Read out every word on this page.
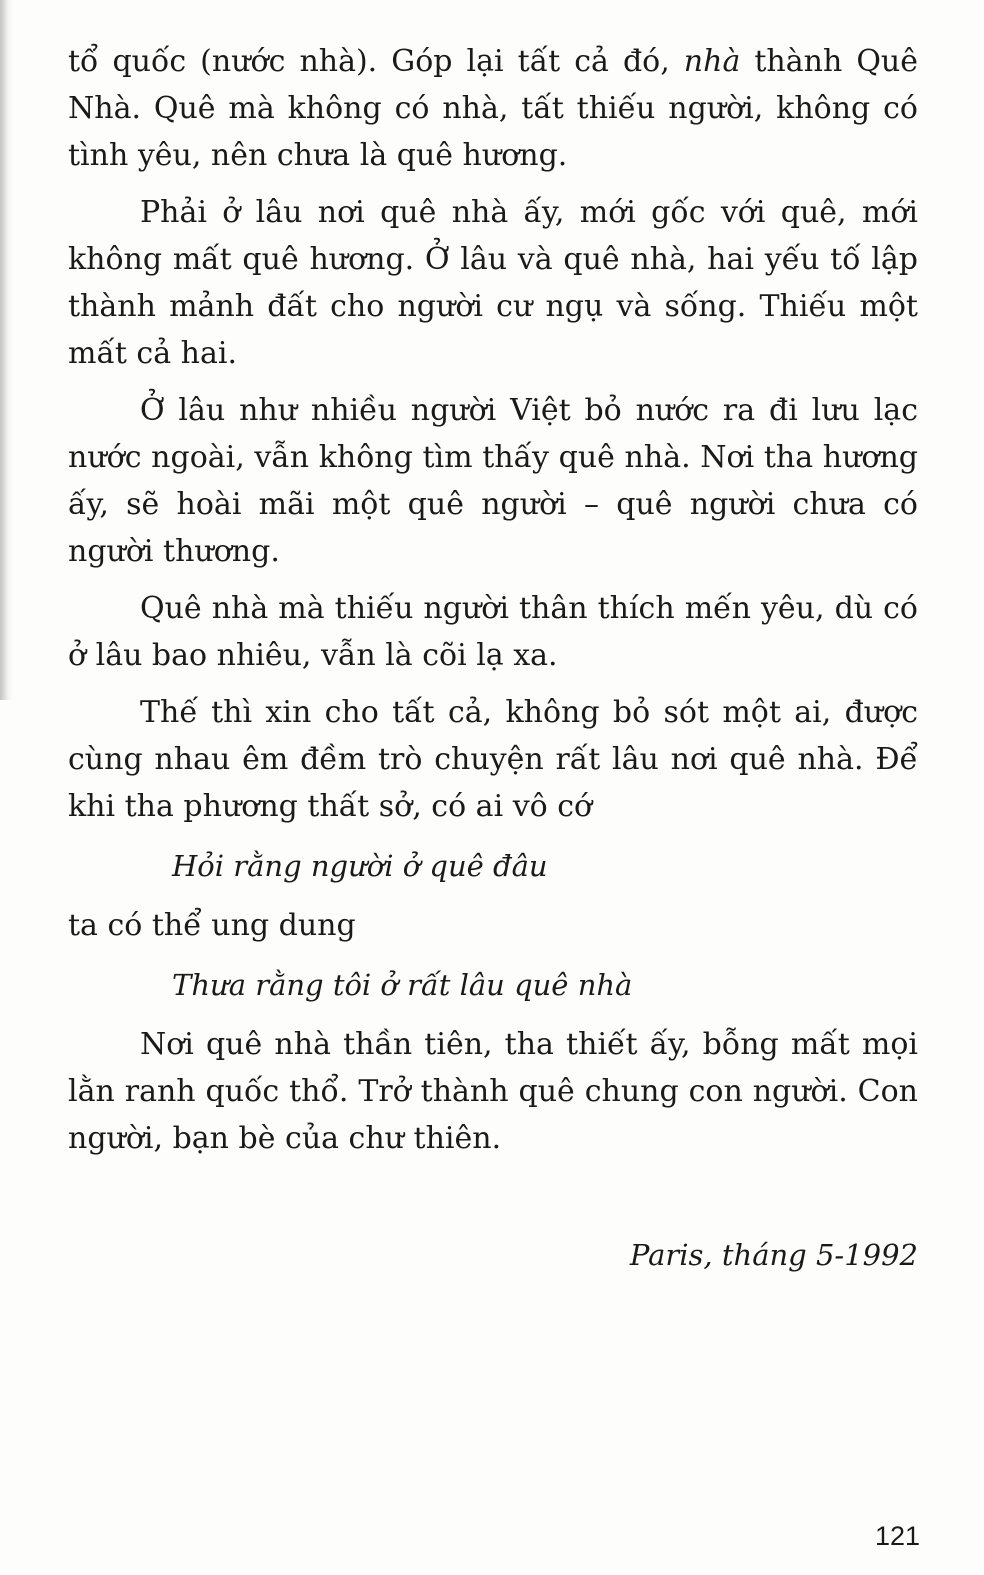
tổ quốc (nước nhà). Góp lại tất cả đó, nhà thành Quê Nhà. Quê mà không có nhà, tất thiếu người, không có tình yêu, nên chưa là quê hương.

Phải ở lâu nơi quê nhà ấy, mới gốc với quê, mới không mất quê hương. Ở lâu và quê nhà, hai yếu tố lập thành mảnh đất cho người cư ngụ và sống. Thiếu một mất cả hai.

Ở lâu như nhiều người Việt bỏ nước ra đi lưu lạc nước ngoài, vẫn không tìm thấy quê nhà. Nơi tha hương ấy, sẽ hoài mãi một quê người – quê người chưa có người thương.

Quê nhà mà thiếu người thân thích mến yêu, dù có ở lâu bao nhiêu, vẫn là cõi lạ xa.

Thế thì xin cho tất cả, không bỏ sót một ai, được cùng nhau êm đềm trò chuyện rất lâu nơi quê nhà. Để khi tha phương thất sở, có ai vô cớ

Hỏi rằng người ở quê đâu

ta có thể ung dung

Thưa rằng tôi ở rất lâu quê nhà

Nơi quê nhà thần tiên, tha thiết ấy, bỗng mất mọi lằn ranh quốc thổ. Trở thành quê chung con người. Con người, bạn bè của chư thiên.

Paris, tháng 5-1992
121
